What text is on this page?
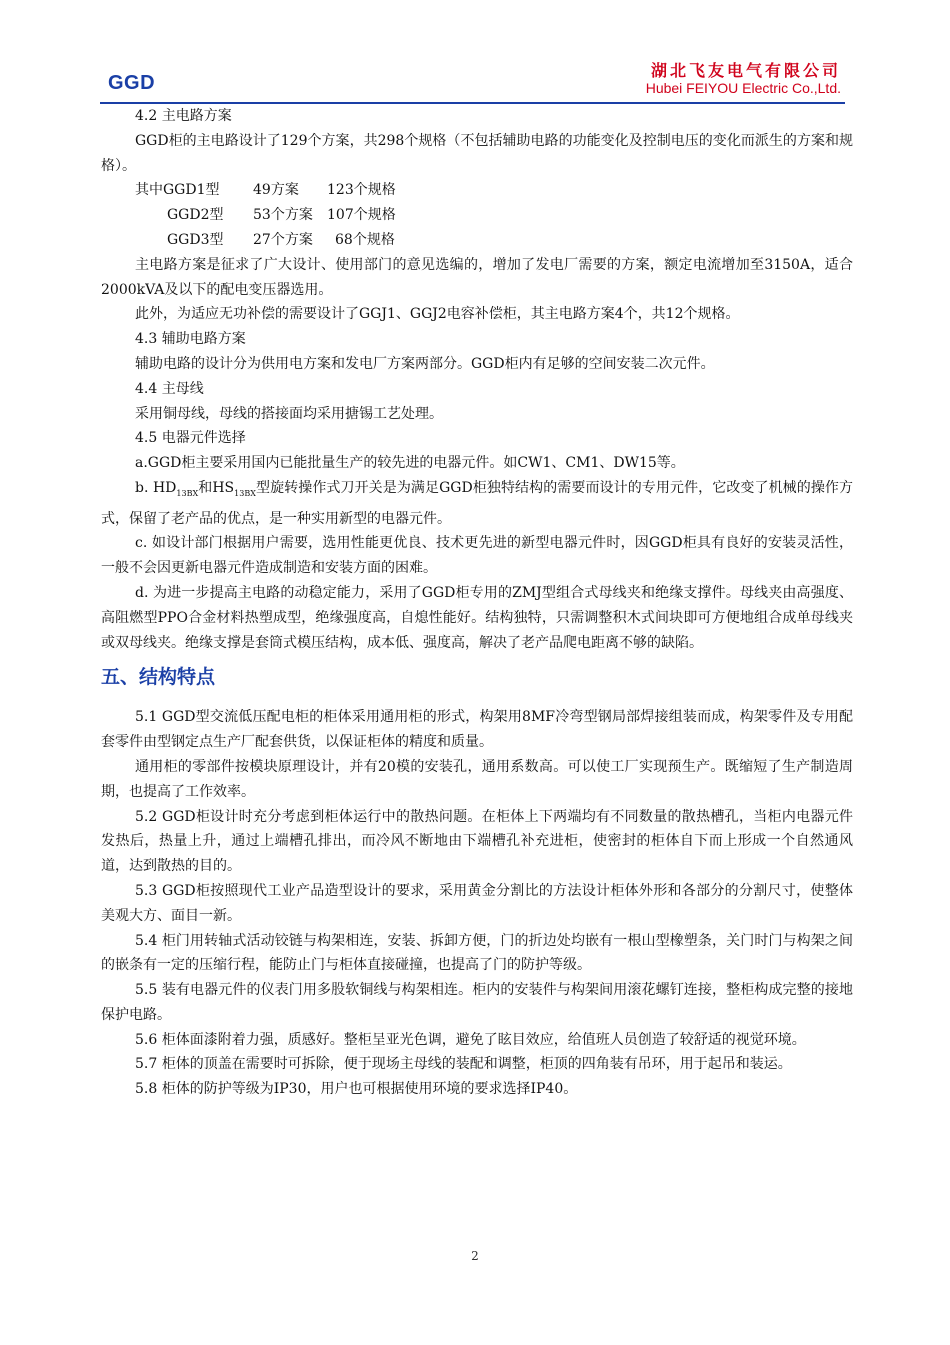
GGD
湖北飞友电气有限公司
Hubei FEIYOU Electric Co.,Ltd.

4.2 主电路方案

GGD柜的主电路设计了129个方案，共298个规格（不包括辅助电路的功能变化及控制电压的变化而派生的方案和规格）。

其中GGD1型 49方案 123个规格

GGD2型 53个方案 107个规格

GGD3型 27个方案 68个规格

主电路方案是征求了广大设计、使用部门的意见选编的，增加了发电厂需要的方案，额定电流增加至3150A，适合2000kVA及以下的配电变压器选用。

此外，为适应无功补偿的需要设计了GGJ1、GGJ2电容补偿柜，其主电路方案4个，共12个规格。

4.3 辅助电路方案

辅助电路的设计分为供用电方案和发电厂方案两部分。GGD柜内有足够的空间安装二次元件。

4.4 主母线

采用铜母线，母线的搭接面均采用搪锡工艺处理。

4.5 电器元件选择

a.GGD柜主要采用国内已能批量生产的较先进的电器元件。如CW1、CM1、DW15等。

b. $HD_{13BX}$和$HS_{13BX}$型旋转操作式刀开关是为满足GGD柜独特结构的需要而设计的专用元件，它改变了机械的操作方式，保留了老产品的优点，是一种实用新型的电器元件。

c. 如设计部门根据用户需要，选用性能更优良、技术更先进的新型电器元件时，因GGD柜具有良好的安装灵活性，一般不会因更新电器元件造成制造和安装方面的困难。

d. 为进一步提高主电路的动稳定能力，采用了GGD柜专用的ZMJ型组合式母线夹和绝缘支撑件。母线夹由高强度、高阻燃型PPO合金材料热塑成型，绝缘强度高，自熄性能好。结构独特，只需调整积木式间块即可方便地组合成单母线夹或双母线夹。绝缘支撑是套筒式模压结构，成本低、强度高，解决了老产品爬电距离不够的缺陷。

五、结构特点

5.1 GGD型交流低压配电柜的柜体采用通用柜的形式，构架用8MF冷弯型钢局部焊接组装而成，构架零件及专用配套零件由型钢定点生产厂配套供货，以保证柜体的精度和质量。

通用柜的零部件按模块原理设计，并有20模的安装孔，通用系数高。可以使工厂实现预生产。既缩短了生产制造周期，也提高了工作效率。

5.2 GGD柜设计时充分考虑到柜体运行中的散热问题。在柜体上下两端均有不同数量的散热槽孔，当柜内电器元件发热后，热量上升，通过上端槽孔排出，而冷风不断地由下端槽孔补充进柜，使密封的柜体自下而上形成一个自然通风道，达到散热的目的。

5.3 GGD柜按照现代工业产品造型设计的要求，采用黄金分割比的方法设计柜体外形和各部分的分割尺寸，使整体美观大方、面目一新。

5.4 柜门用转轴式活动铰链与构架相连，安装、拆卸方便，门的折边处均嵌有一根山型橡塑条，关门时门与构架之间的嵌条有一定的压缩行程，能防止门与柜体直接碰撞，也提高了门的防护等级。

5.5 装有电器元件的仪表门用多股软铜线与构架相连。柜内的安装件与构架间用滚花螺钉连接，整柜构成完整的接地保护电路。

5.6 柜体面漆附着力强，质感好。整柜呈亚光色调，避免了眩目效应，给值班人员创造了较舒适的视觉环境。

5.7 柜体的顶盖在需要时可拆除，便于现场主母线的装配和调整，柜顶的四角装有吊环，用于起吊和装运。

5.8 柜体的防护等级为IP30，用户也可根据使用环境的要求选择IP40。

2
